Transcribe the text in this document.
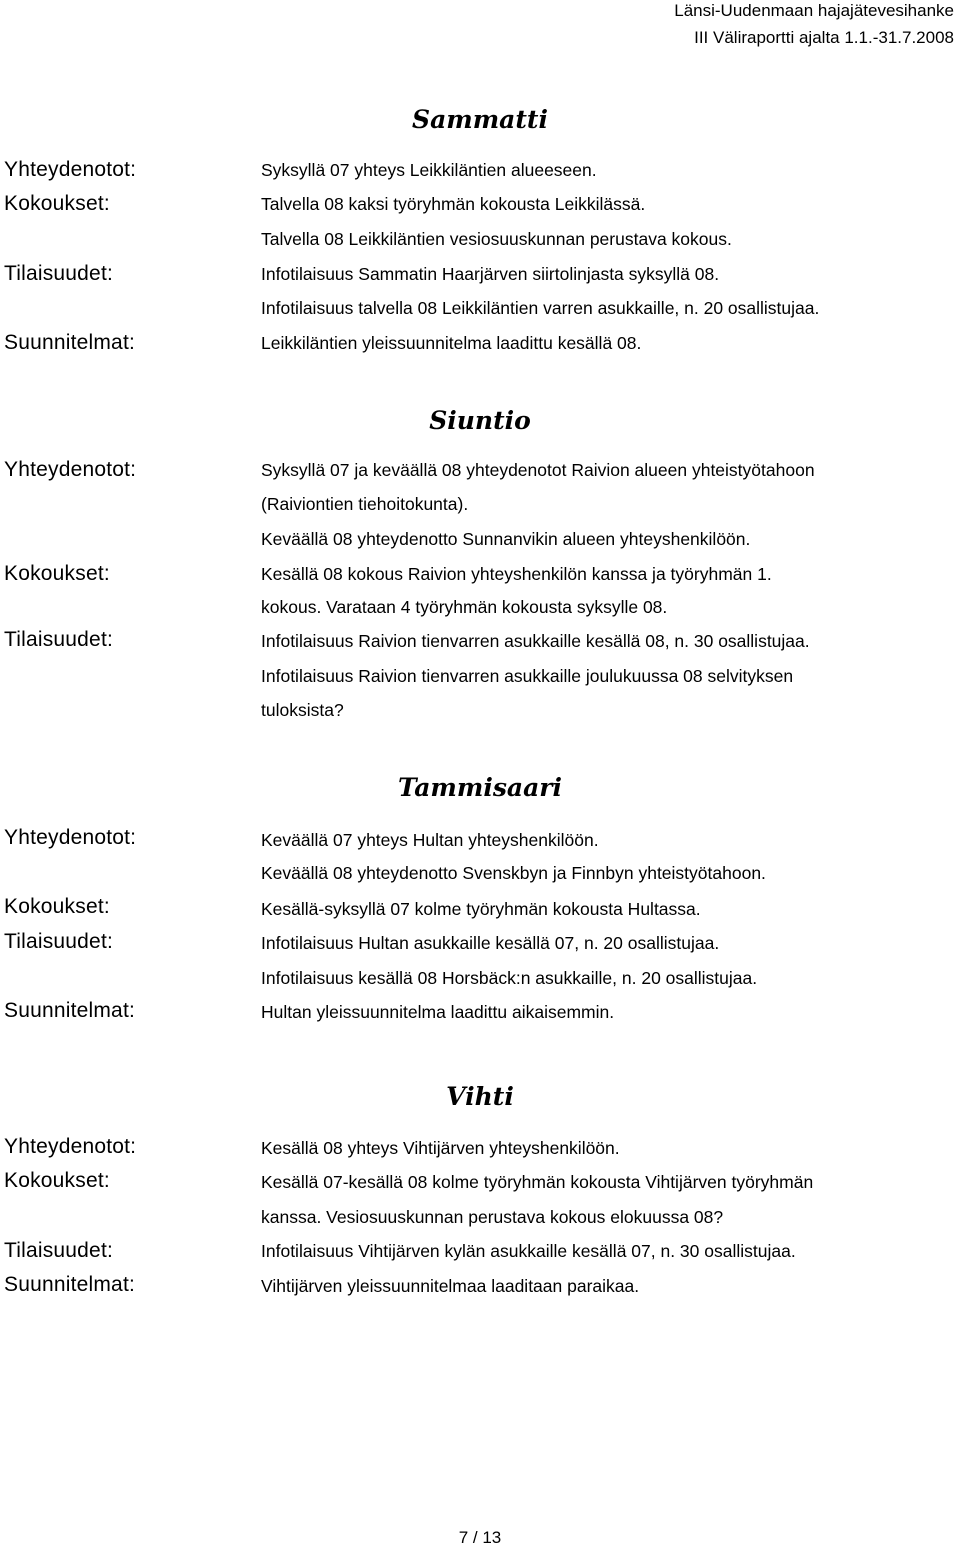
Länsi-Uudenmaan hajajätevesihanke
III Väliraportti ajalta 1.1.-31.7.2008
Sammatti
Yhteydenotot:
Kokoukset:
Tilaisuudet:
Suunnitelmat:
Syksyllä 07 yhteys Leikkiläntien alueeseen.
Talvella 08 kaksi työryhmän kokousta Leikkilässä.
Talvella 08 Leikkiläntien vesiosuuskunnan perustava kokous.
Infotilaisuus Sammatin Haarjärven siirtolinjasta syksyllä 08.
Infotilaisuus talvella 08 Leikkiläntien varren asukkaille, n. 20 osallistujaa.
Leikkiläntien yleissuunnitelma laadittu kesällä 08.
Siuntio
Yhteydenotot:
Kokoukset:
Tilaisuudet:
Syksyllä 07 ja keväällä 08 yhteydenotot Raivion alueen yhteistyötahoon
(Raiviontien tiehoitokunta).
Keväällä 08 yhteydenotto Sunnanvikin alueen yhteyshenkilöön.
Kesällä 08 kokous Raivion yhteyshenkilön kanssa ja työryhmän 1.
kokous. Varataan 4 työryhmän kokousta syksylle 08.
Infotilaisuus Raivion tienvarren asukkaille kesällä 08, n. 30 osallistujaa.
Infotilaisuus Raivion tienvarren asukkaille joulukuussa 08 selvityksen
tuloksista?
Tammisaari
Yhteydenotot:
Kokoukset:
Tilaisuudet:
Suunnitelmat:
Keväällä 07 yhteys Hultan yhteyshenkilöön.
Keväällä 08 yhteydenotto Svenskbyn ja Finnbyn yhteistyötahoon.
Kesällä-syksyllä 07 kolme työryhmän kokousta Hultassa.
Infotilaisuus Hultan asukkaille kesällä 07, n. 20 osallistujaa.
Infotilaisuus kesällä 08 Horsbäck:n asukkaille, n. 20 osallistujaa.
Hultan yleissuunnitelma laadittu aikaisemmin.
Vihti
Yhteydenotot:
Kokoukset:
Tilaisuudet:
Suunnitelmat:
Kesällä 08 yhteys Vihtijärven yhteyshenkilöön.
Kesällä 07-kesällä 08 kolme työryhmän kokousta Vihtijärven työryhmän
kanssa. Vesiosuuskunnan perustava kokous elokuussa 08?
Infotilaisuus Vihtijärven kylän asukkaille kesällä 07, n. 30 osallistujaa.
Vihtijärven yleissuunnitelmaa laaditaan paraikaa.
7 / 13
